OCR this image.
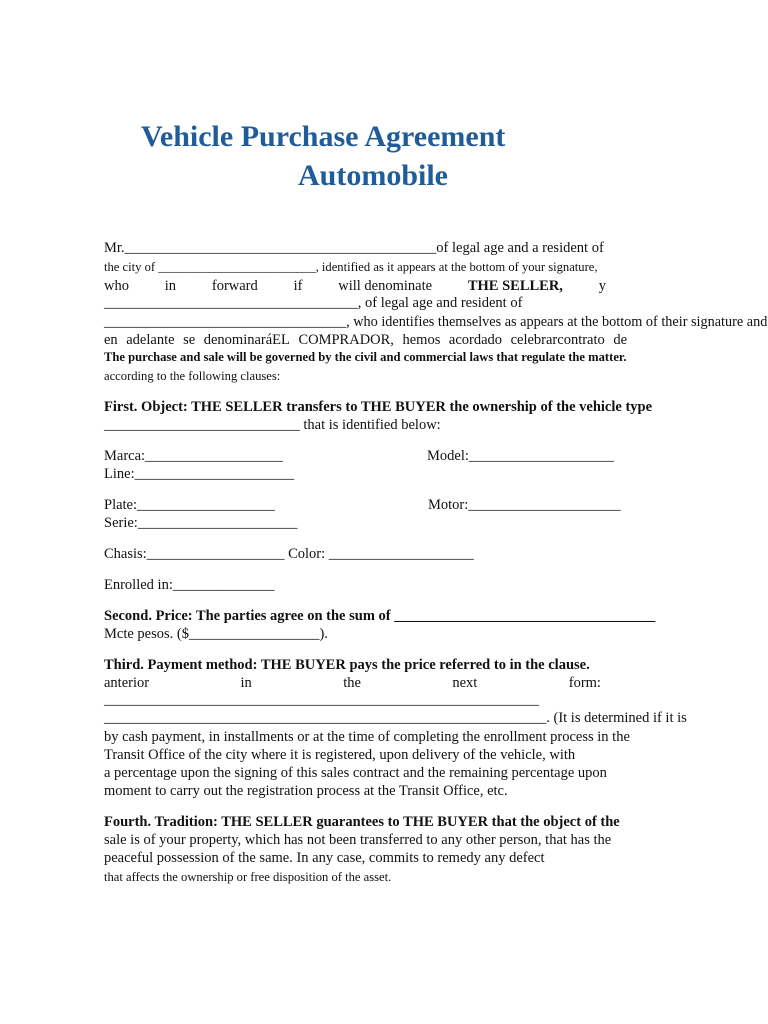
Vehicle Purchase Agreement
Automobile

Mr.___________________________________________of legal age and a resident of

the city of _________________________, identified as it appears at the bottom of your signature,

who in forward if will denominate THE SELLER, y

___________________________________, of legal age and resident of

__________________________________, who identifies themselves as appears at the bottom of their signature and

en adelante se denominaráEL COMPRADOR, hemos acordado celebrarcontrato de

The purchase and sale will be governed by the civil and commercial laws that regulate the matter.

according to the following clauses:

First. Object: THE SELLER transfers to THE BUYER the ownership of the vehicle type

___________________________ that is identified below:

Marca:___________________	Model:____________________

Line:______________________

Plate:___________________	Motor:_____________________

Serie:______________________

Chasis:___________________ Color: ____________________

Enrolled in:______________

Second. Price: The parties agree on the sum of ____________________________________

Mcte pesos. ($__________________).

Third. Payment method: THE BUYER pays the price referred to in the clause.

anterior	in	the	next	form:

____________________________________________________________

_____________________________________________________________. (It is determined if it is

by cash payment, in installments or at the time of completing the enrollment process in the

Transit Office of the city where it is registered, upon delivery of the vehicle, with

a percentage upon the signing of this sales contract and the remaining percentage upon

moment to carry out the registration process at the Transit Office, etc.

Fourth. Tradition: THE SELLER guarantees to THE BUYER that the object of the

sale is of your property, which has not been transferred to any other person, that has the

peaceful possession of the same. In any case, commits to remedy any defect

that affects the ownership or free disposition of the asset.
